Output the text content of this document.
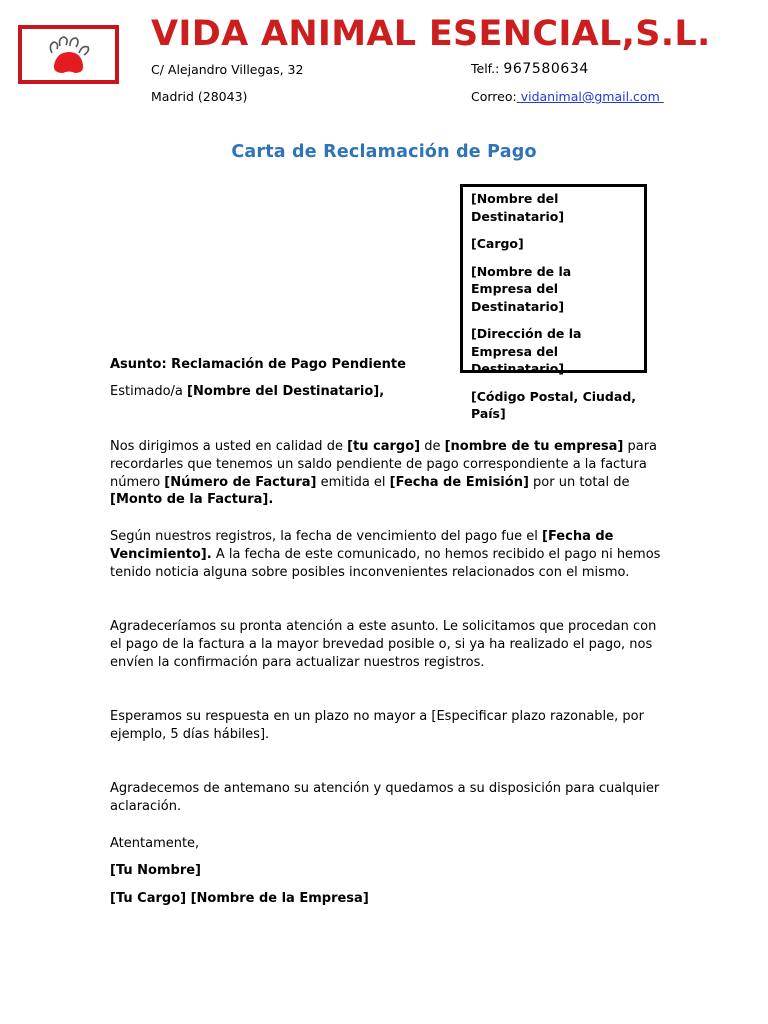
VIDA ANIMAL ESENCIAL,S.L.
C/ Alejandro Villegas, 32
Madrid (28043)
Telf.: 967580634
Correo: vidanimal@gmail.com
Carta de Reclamación de Pago
[Nombre del Destinatario]
[Cargo]
[Nombre de la Empresa del Destinatario]
[Dirección de la Empresa del Destinatario]
[Código Postal, Ciudad, País]
Asunto: Reclamación de Pago Pendiente
Estimado/a [Nombre del Destinatario],
Nos dirigimos a usted en calidad de [tu cargo] de [nombre de tu empresa] para recordarles que tenemos un saldo pendiente de pago correspondiente a la factura número [Número de Factura] emitida el [Fecha de Emisión] por un total de [Monto de la Factura].
Según nuestros registros, la fecha de vencimiento del pago fue el [Fecha de Vencimiento]. A la fecha de este comunicado, no hemos recibido el pago ni hemos tenido noticia alguna sobre posibles inconvenientes relacionados con el mismo.
Agradeceríamos su pronta atención a este asunto. Le solicitamos que procedan con el pago de la factura a la mayor brevedad posible o, si ya ha realizado el pago, nos envíen la confirmación para actualizar nuestros registros.
Esperamos su respuesta en un plazo no mayor a [Especificar plazo razonable, por ejemplo, 5 días hábiles].
Agradecemos de antemano su atención y quedamos a su disposición para cualquier aclaración.
Atentamente,
[Tu Nombre]
[Tu Cargo] [Nombre de la Empresa]
